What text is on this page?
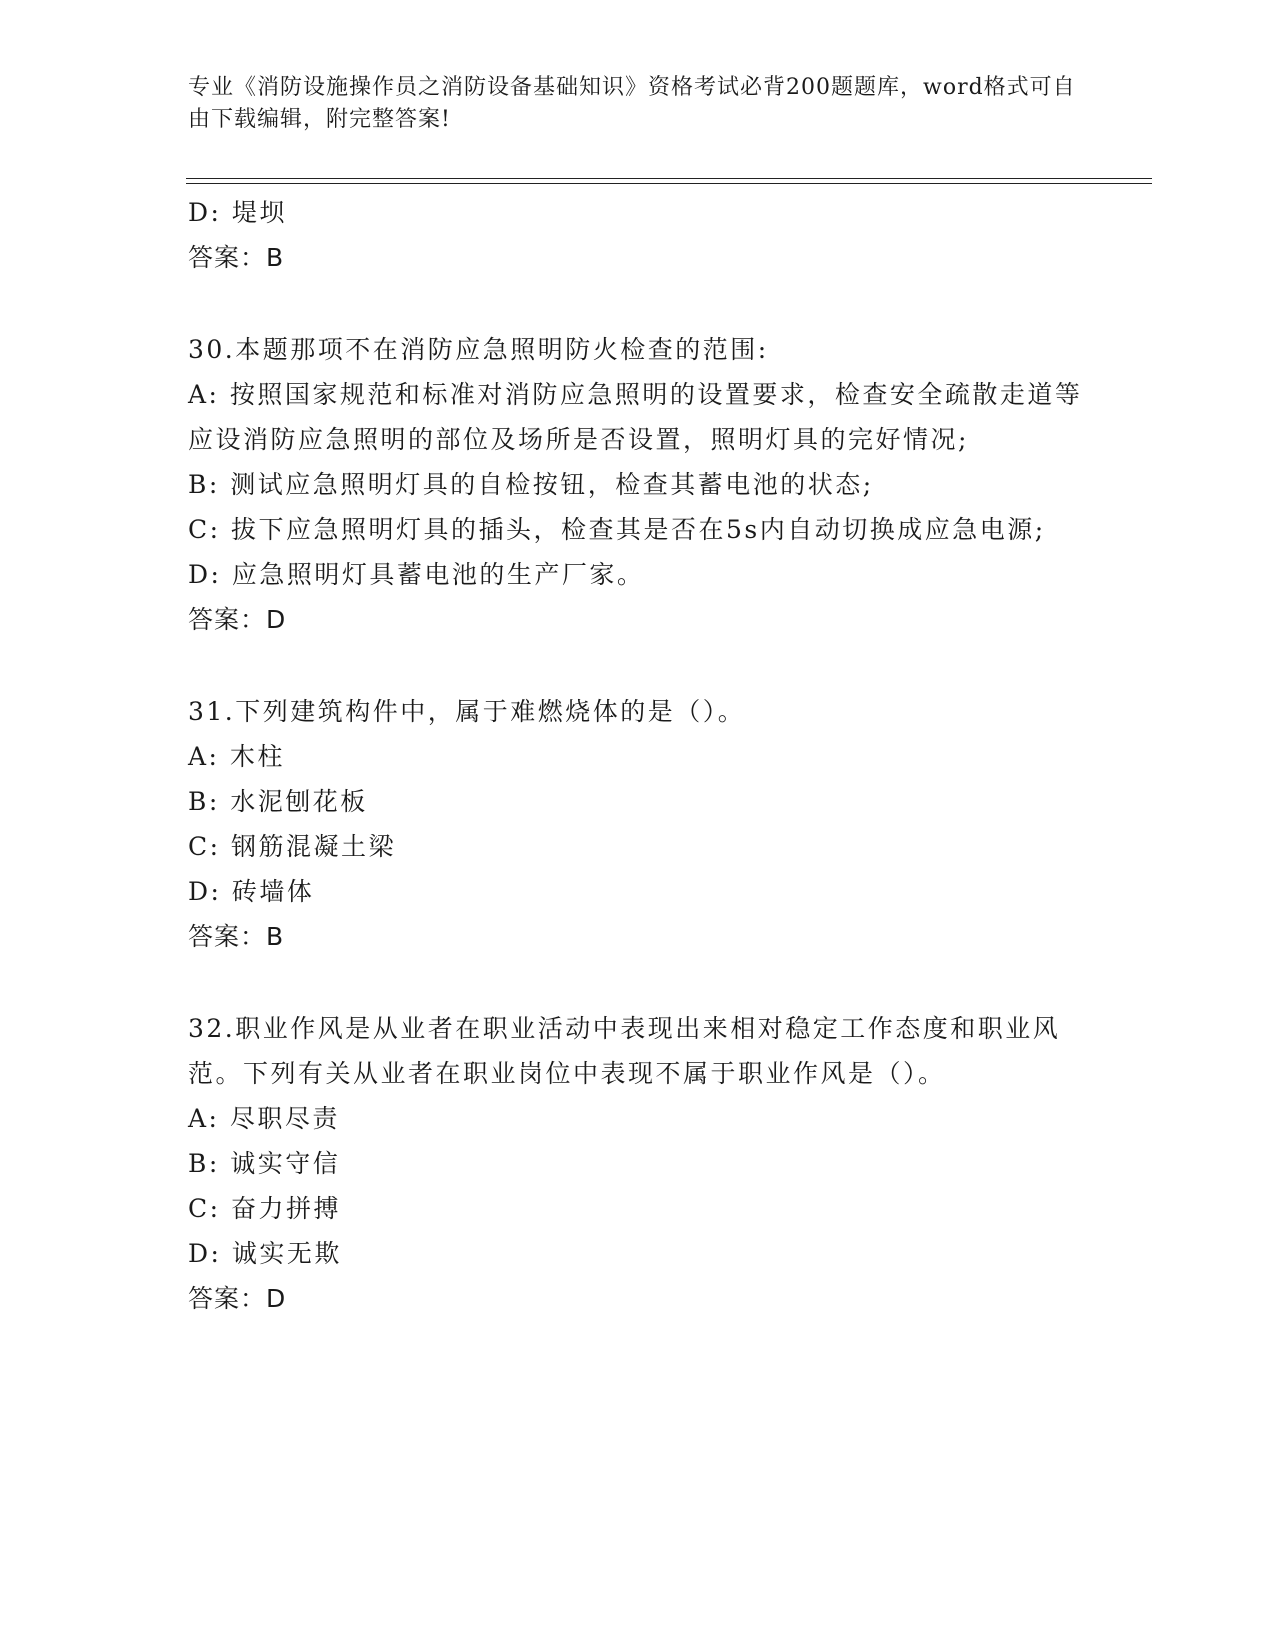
专业《消防设施操作员之消防设备基础知识》资格考试必背200题题库，word格式可自由下载编辑，附完整答案!
D: 堤坝
答案：B
30.本题那项不在消防应急照明防火检查的范围:
A: 按照国家规范和标准对消防应急照明的设置要求，检查安全疏散走道等应设消防应急照明的部位及场所是否设置，照明灯具的完好情况;
B: 测试应急照明灯具的自检按钮，检查其蓄电池的状态;
C: 拔下应急照明灯具的插头，检查其是否在5s内自动切换成应急电源;
D: 应急照明灯具蓄电池的生产厂家。
答案：D
31.下列建筑构件中，属于难燃烧体的是（）。
A: 木柱
B: 水泥刨花板
C: 钢筋混凝土梁
D: 砖墙体
答案：B
32.职业作风是从业者在职业活动中表现出来相对稳定工作态度和职业风范。下列有关从业者在职业岗位中表现不属于职业作风是（）。
A: 尽职尽责
B: 诚实守信
C: 奋力拼搏
D: 诚实无欺
答案：D
